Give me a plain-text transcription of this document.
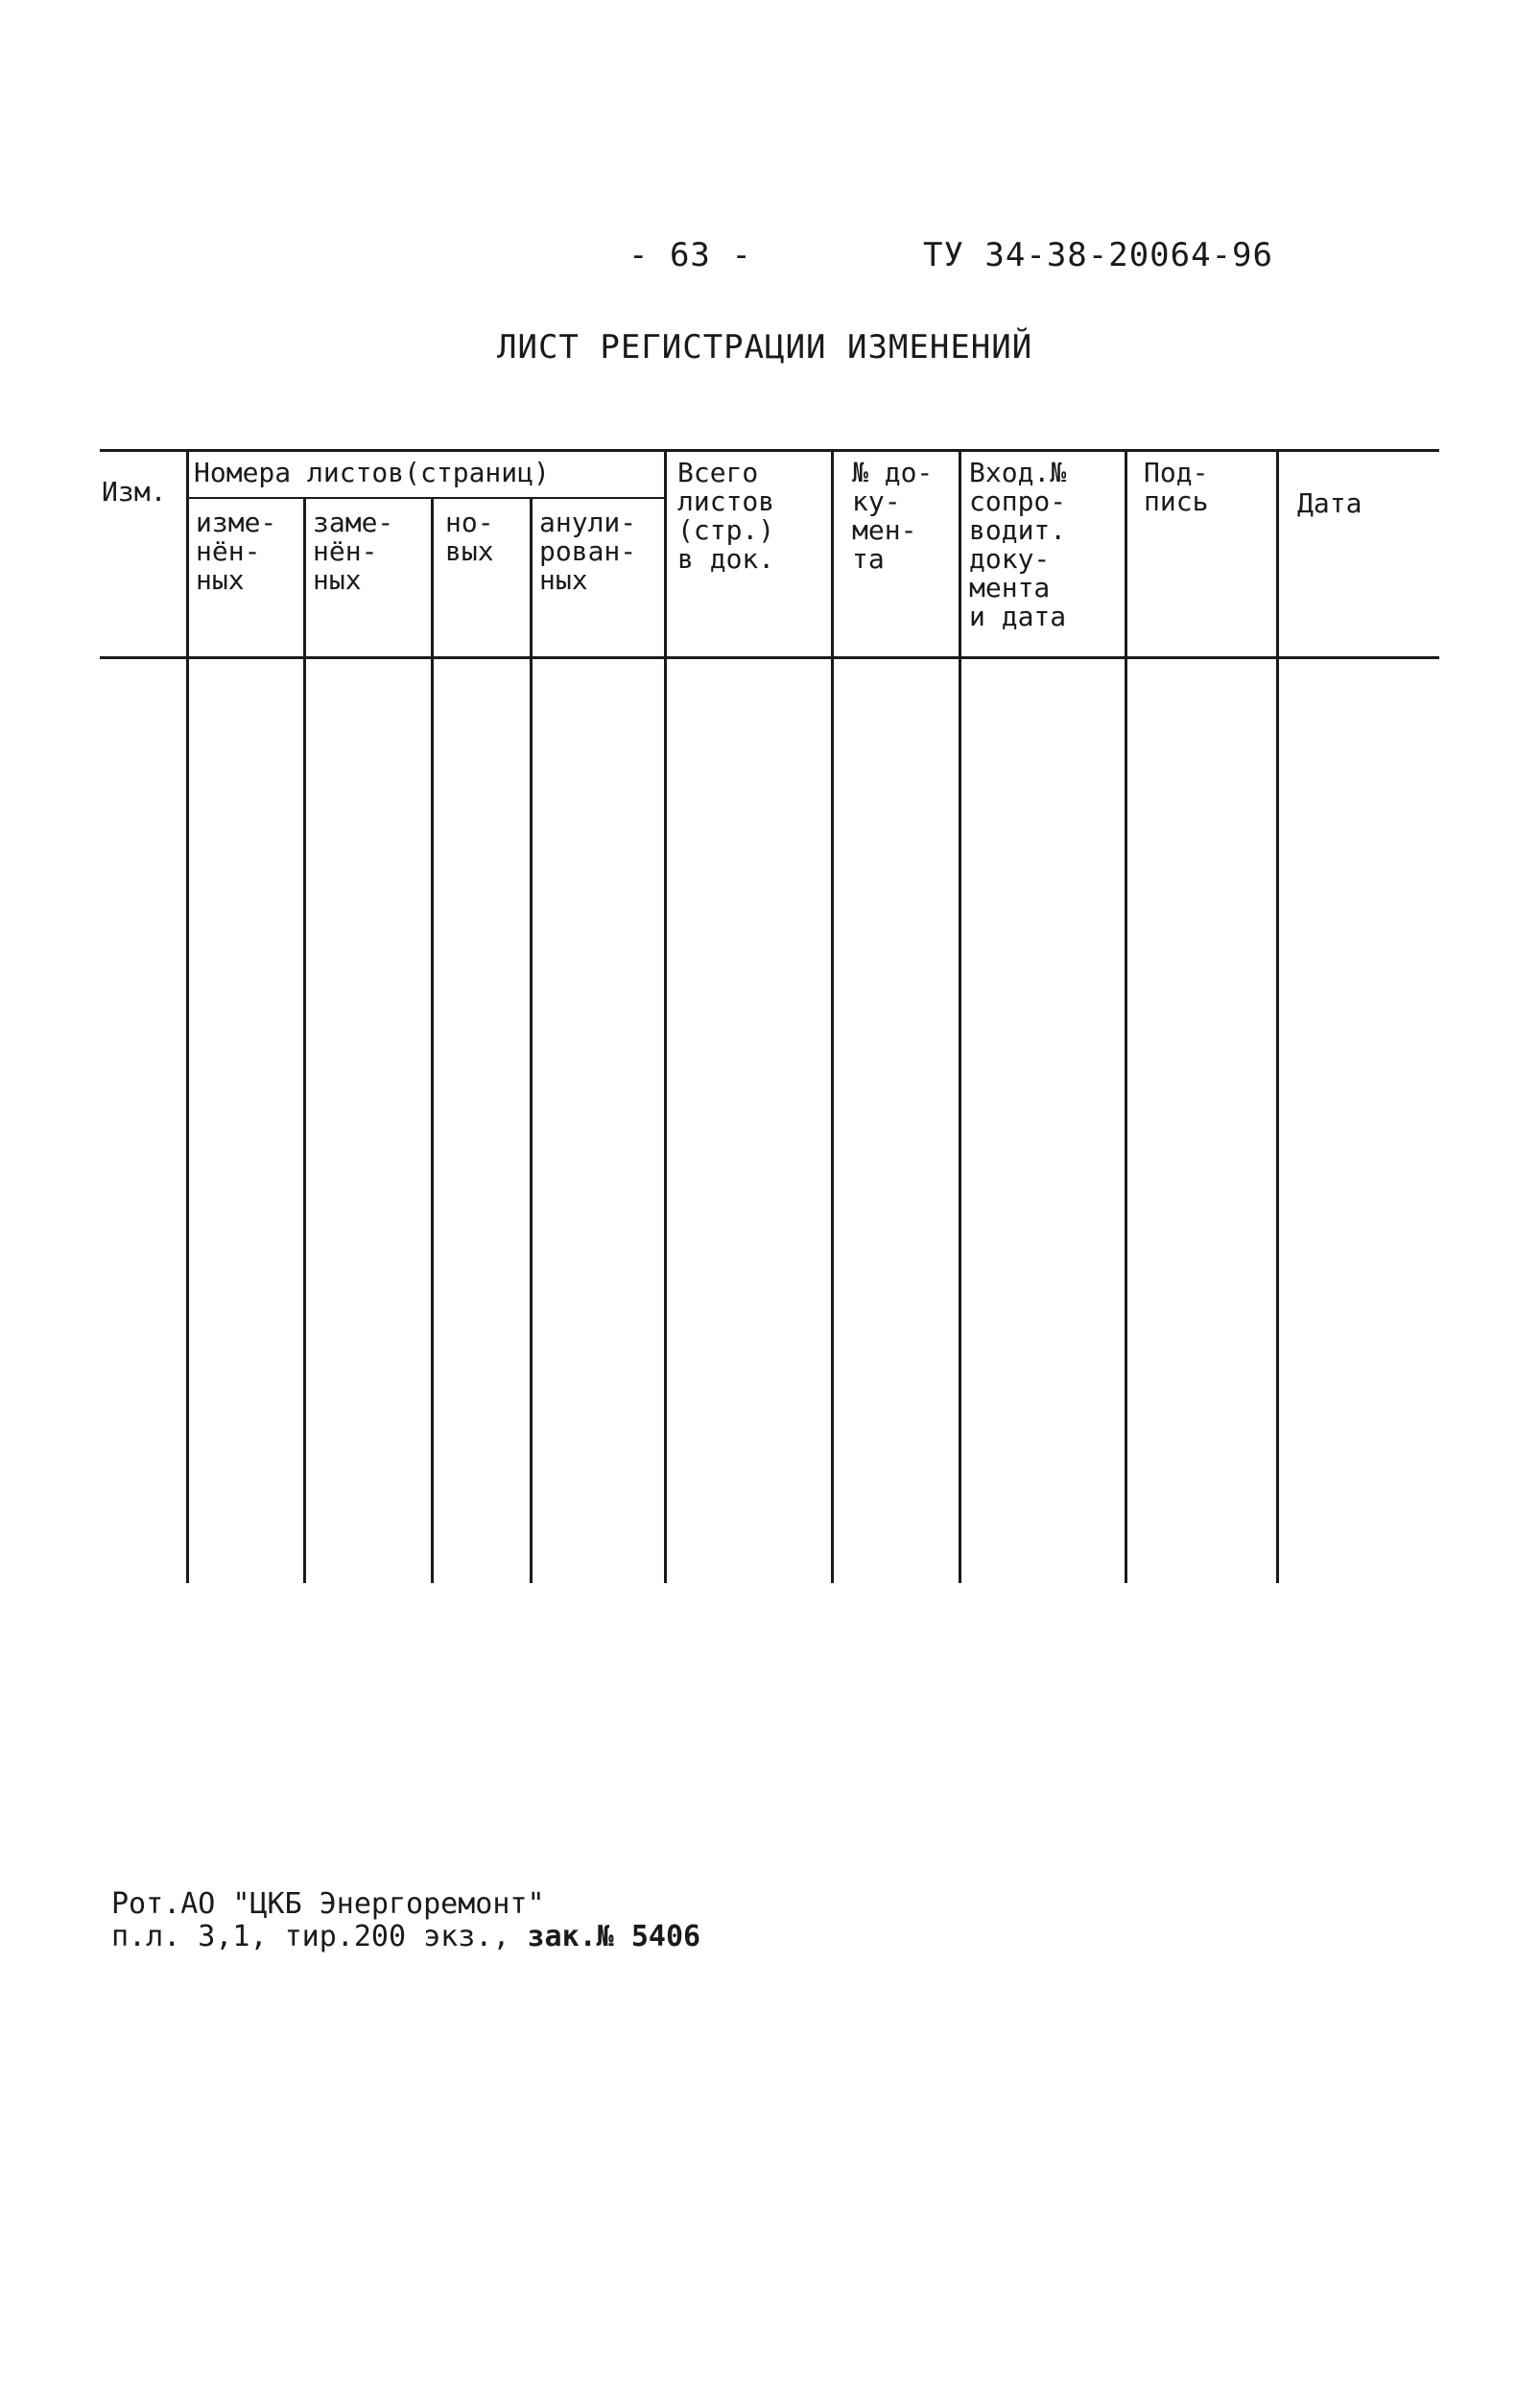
- 63 -	ТУ 34-38-20064-96
ЛИСТ РЕГИСТРАЦИИ ИЗМЕНЕНИЙ
Изм.
Номера листов(страниц)
изме-
нён-
ных
заме-
нён-
ных
но-
вых
анули-
рован-
ных
Всего
листов
(стр.)
в док.
№ до-
ку-
мен-
та
Вход.№
сопро-
водит.
доку-
мента
и дата
Под-
пись	Дата
Рот.АО "ЦКБ Энергоремонт"
п.л. 3,1, тир.200 экз., зак.№ 5406
